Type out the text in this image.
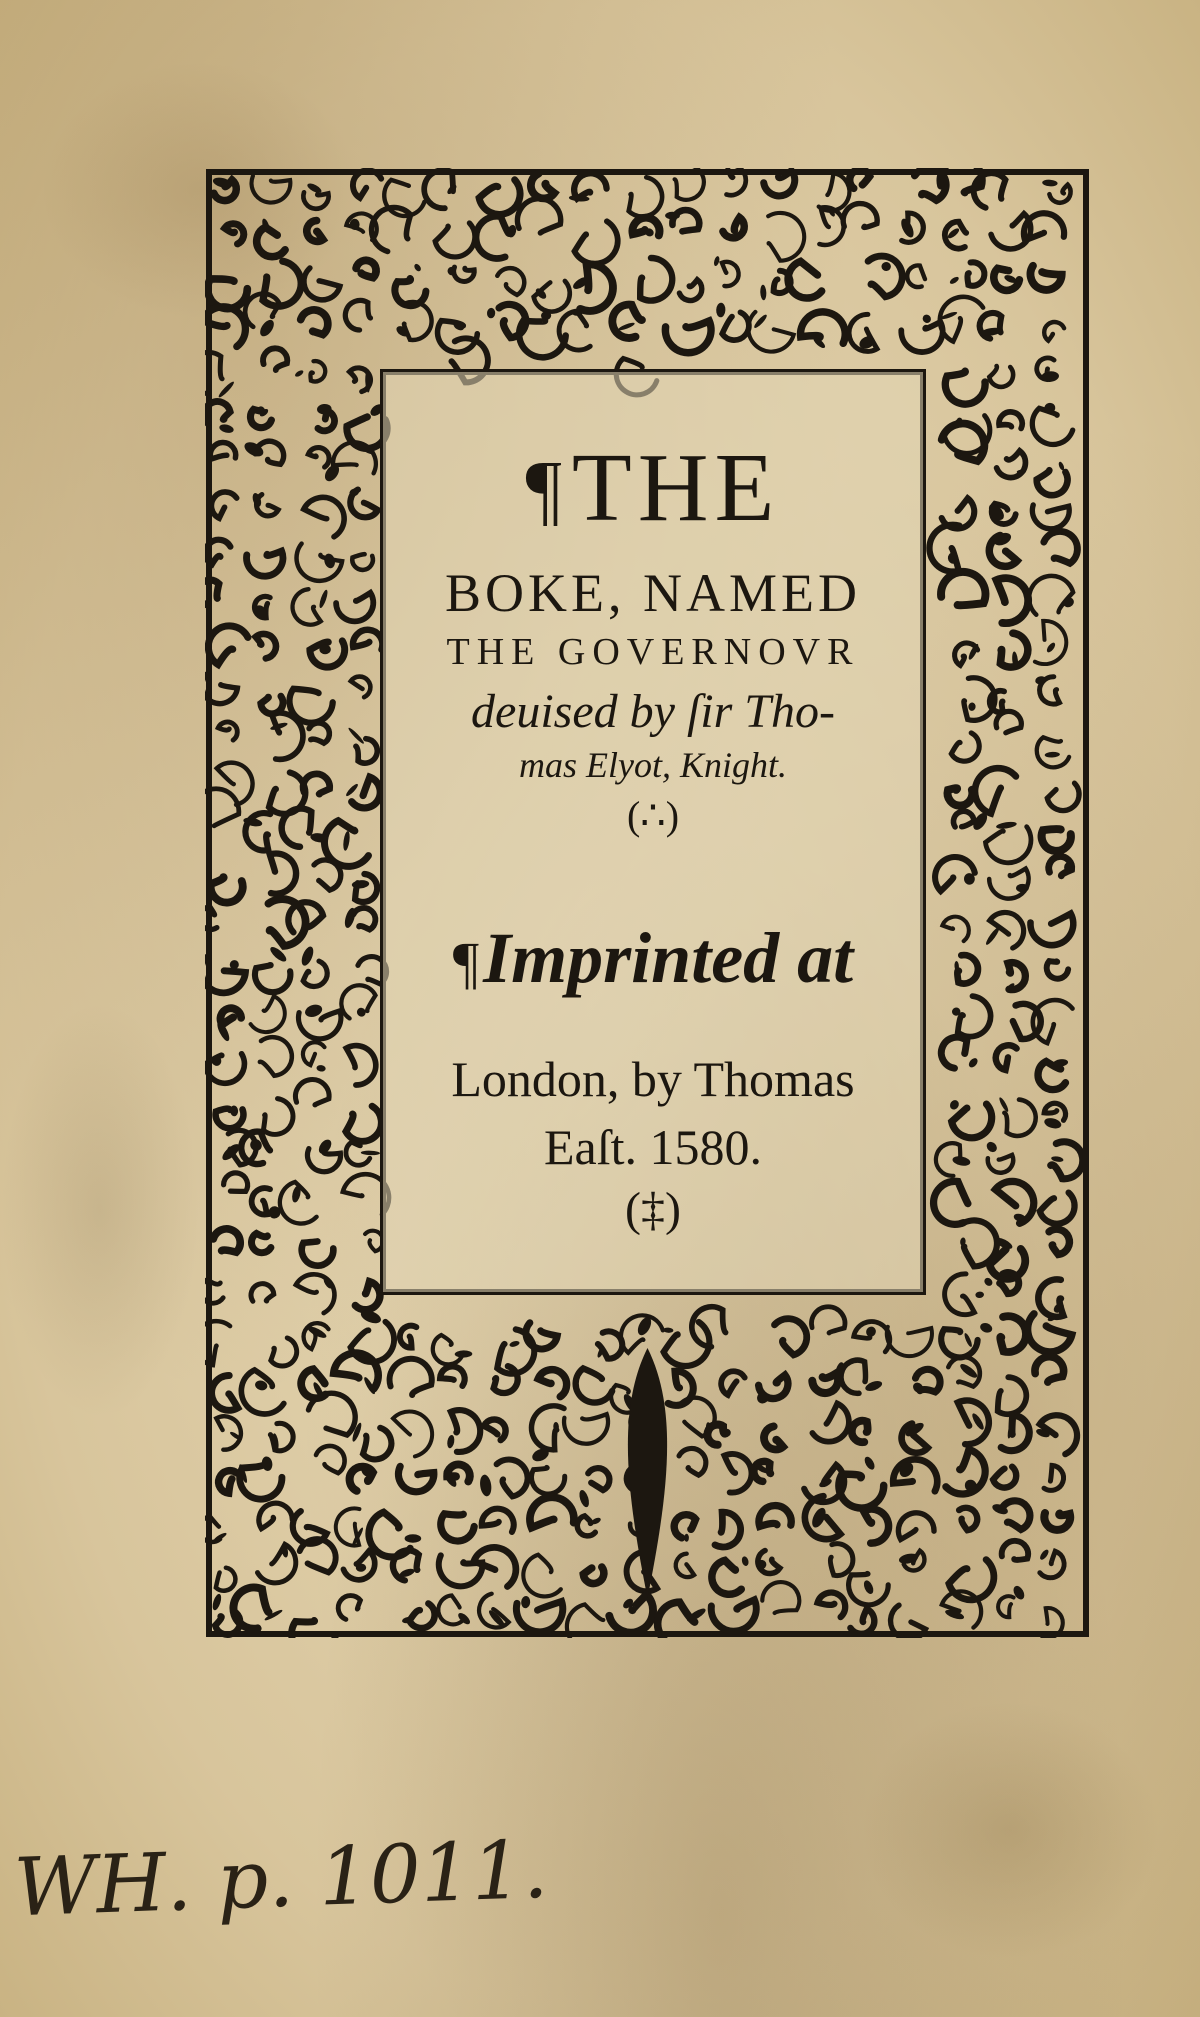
¶THE

BOKE, NAMED

THE GOVERNOVR

deuised by ſir Tho-

mas Elyot, Knight.

(∴)

¶Imprinted at

London, by Thomas

Eaſt. 1580.

(‡)

WH. p. 1011.
